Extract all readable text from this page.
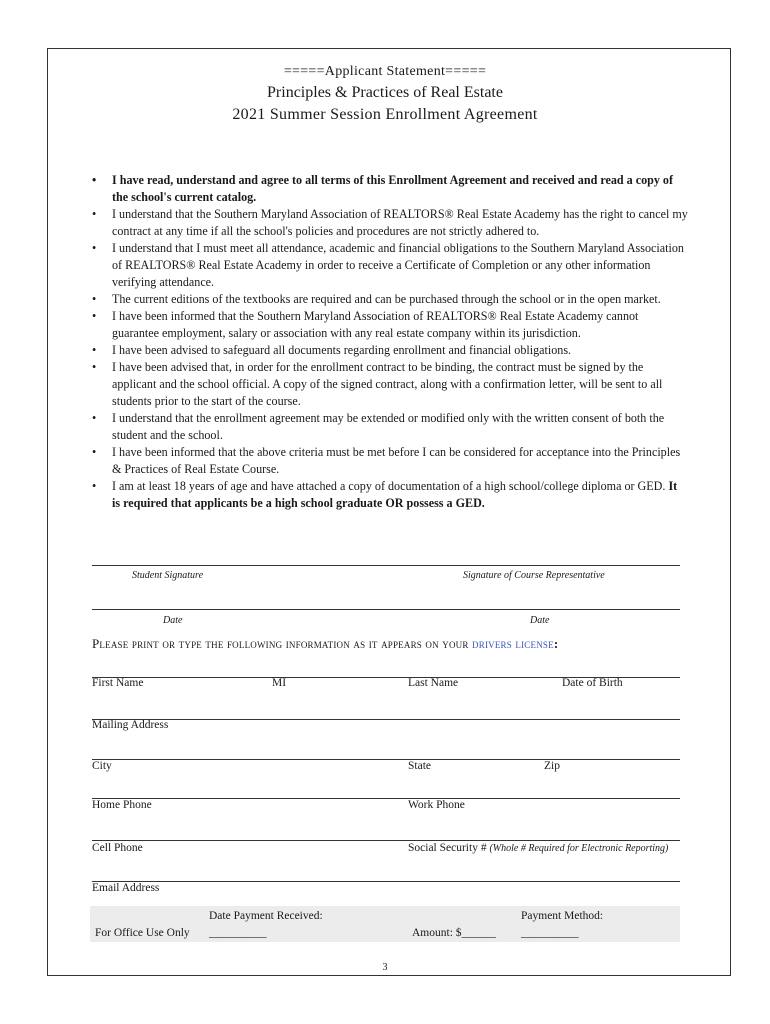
=====Applicant Statement=====
Principles & Practices of Real Estate
2021 Summer Session Enrollment Agreement
• I have read, understand and agree to all terms of this Enrollment Agreement and received and read a copy of the school's current catalog.
• I understand that the Southern Maryland Association of REALTORS® Real Estate Academy has the right to cancel my contract at any time if all the school's policies and procedures are not strictly adhered to.
• I understand that I must meet all attendance, academic and financial obligations to the Southern Maryland Association of REALTORS® Real Estate Academy in order to receive a Certificate of Completion or any other information verifying attendance.
• The current editions of the textbooks are required and can be purchased through the school or in the open market.
• I have been informed that the Southern Maryland Association of REALTORS® Real Estate Academy cannot guarantee employment, salary or association with any real estate company within its jurisdiction.
• I have been advised to safeguard all documents regarding enrollment and financial obligations.
• I have been advised that, in order for the enrollment contract to be binding, the contract must be signed by the applicant and the school official. A copy of the signed contract, along with a confirmation letter, will be sent to all students prior to the start of the course.
• I understand that the enrollment agreement may be extended or modified only with the written consent of both the student and the school.
• I have been informed that the above criteria must be met before I can be considered for acceptance into the Principles & Practices of Real Estate Course.
• I am at least 18 years of age and have attached a copy of documentation of a high school/college diploma or GED. It is required that applicants be a high school graduate OR possess a GED.
Student Signature	Signature of Course Representative
Date	Date
Please print or type the following information as it appears on your drivers license:
First Name	MI	Last Name	Date of Birth
Mailing Address
City	State	Zip
Home Phone	Work Phone
Cell Phone	Social Security # (Whole # Required for Electronic Reporting)
Email Address
Date Payment Received:	Payment Method:
For Office Use Only __________	Amount: $______ __________
3
